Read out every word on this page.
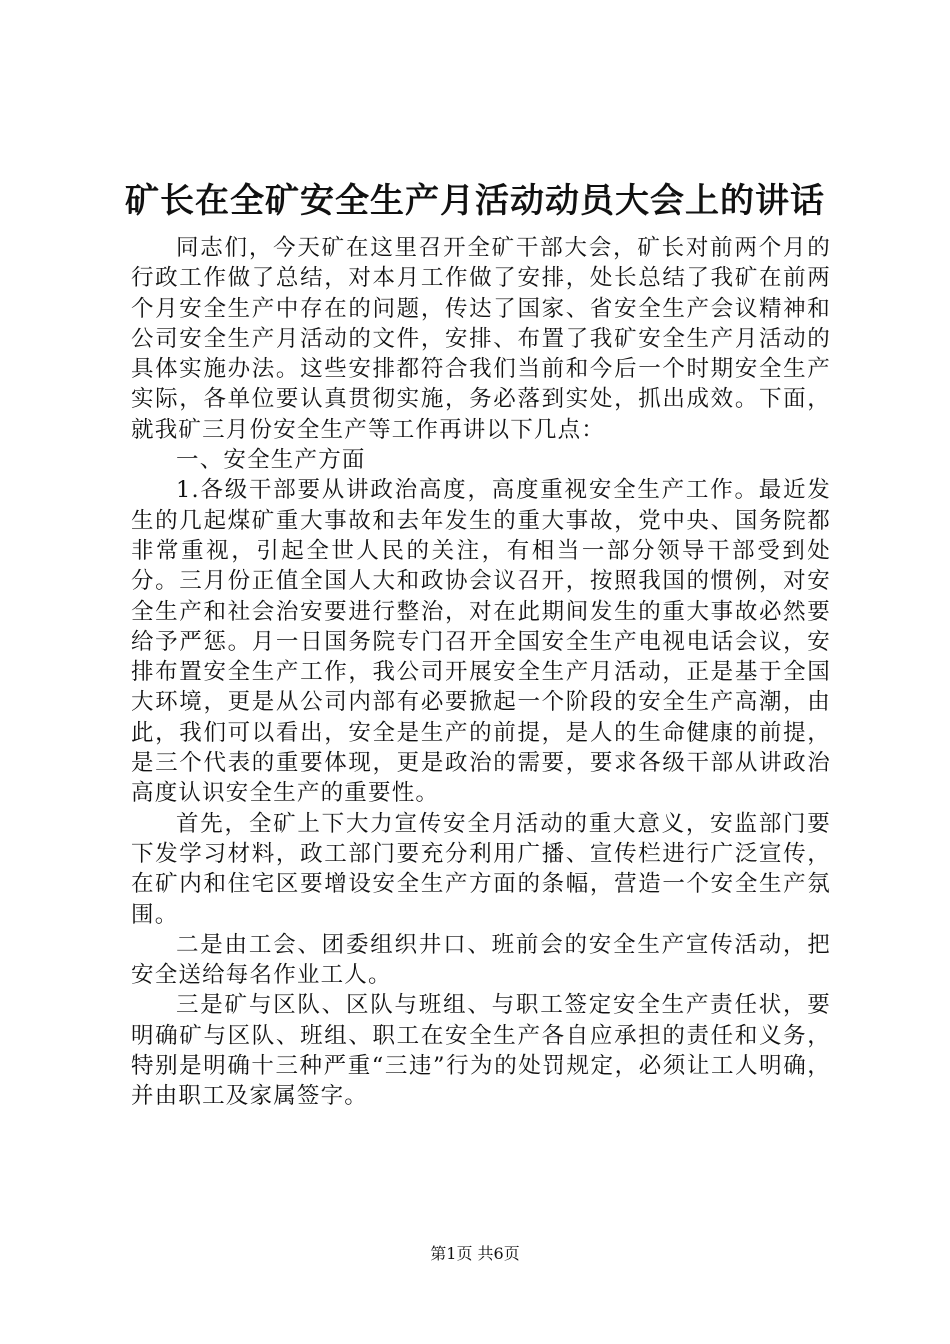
矿长在全矿安全生产月活动动员大会上的讲话

同志们，今天矿在这里召开全矿干部大会，矿长对前两个月的行政工作做了总结，对本月工作做了安排，处长总结了我矿在前两个月安全生产中存在的问题，传达了国家、省安全生产会议精神和公司安全生产月活动的文件，安排、布置了我矿安全生产月活动的具体实施办法。这些安排都符合我们当前和今后一个时期安全生产实际，各单位要认真贯彻实施，务必落到实处，抓出成效。下面，就我矿三月份安全生产等工作再讲以下几点：

一、安全生产方面

1.各级干部要从讲政治高度，高度重视安全生产工作。最近发生的几起煤矿重大事故和去年发生的重大事故，党中央、国务院都非常重视，引起全世人民的关注，有相当一部分领导干部受到处分。三月份正值全国人大和政协会议召开，按照我国的惯例，对安全生产和社会治安要进行整治，对在此期间发生的重大事故必然要给予严惩。月一日国务院专门召开全国安全生产电视电话会议，安排布置安全生产工作，我公司开展安全生产月活动，正是基于全国大环境，更是从公司内部有必要掀起一个阶段的安全生产高潮，由此，我们可以看出，安全是生产的前提，是人的生命健康的前提，是三个代表的重要体现，更是政治的需要，要求各级干部从讲政治高度认识安全生产的重要性。

首先，全矿上下大力宣传安全月活动的重大意义，安监部门要下发学习材料，政工部门要充分利用广播、宣传栏进行广泛宣传，在矿内和住宅区要增设安全生产方面的条幅，营造一个安全生产氛围。

二是由工会、团委组织井口、班前会的安全生产宣传活动，把安全送给每名作业工人。

三是矿与区队、区队与班组、与职工签定安全生产责任状，要明确矿与区队、班组、职工在安全生产各自应承担的责任和义务，特别是明确十三种严重“三违”行为的处罚规定，必须让工人明确，并由职工及家属签字。

第1页 共6页
